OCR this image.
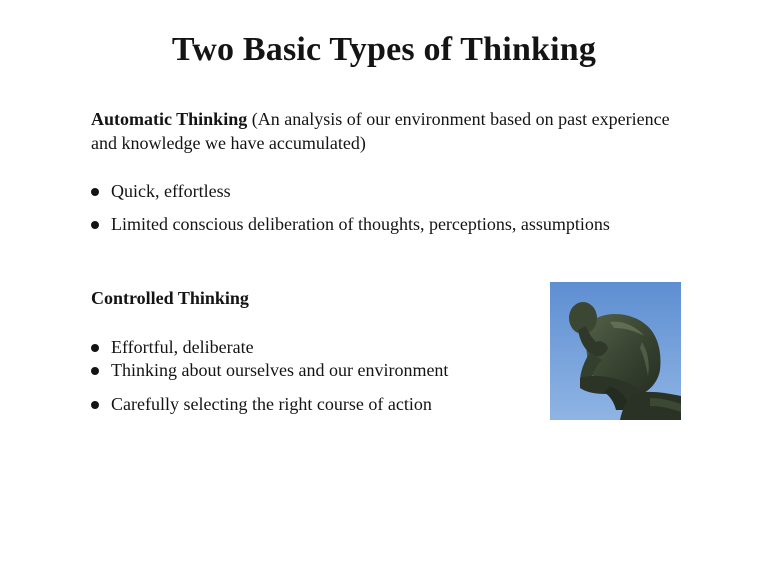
Two Basic Types of Thinking
Automatic Thinking (An analysis of our environment based on past experience and knowledge we have accumulated)
Quick, effortless
Limited conscious deliberation of thoughts, perceptions, assumptions
Controlled Thinking
Effortful, deliberate
Thinking about ourselves and our environment
Carefully selecting the right course of action
